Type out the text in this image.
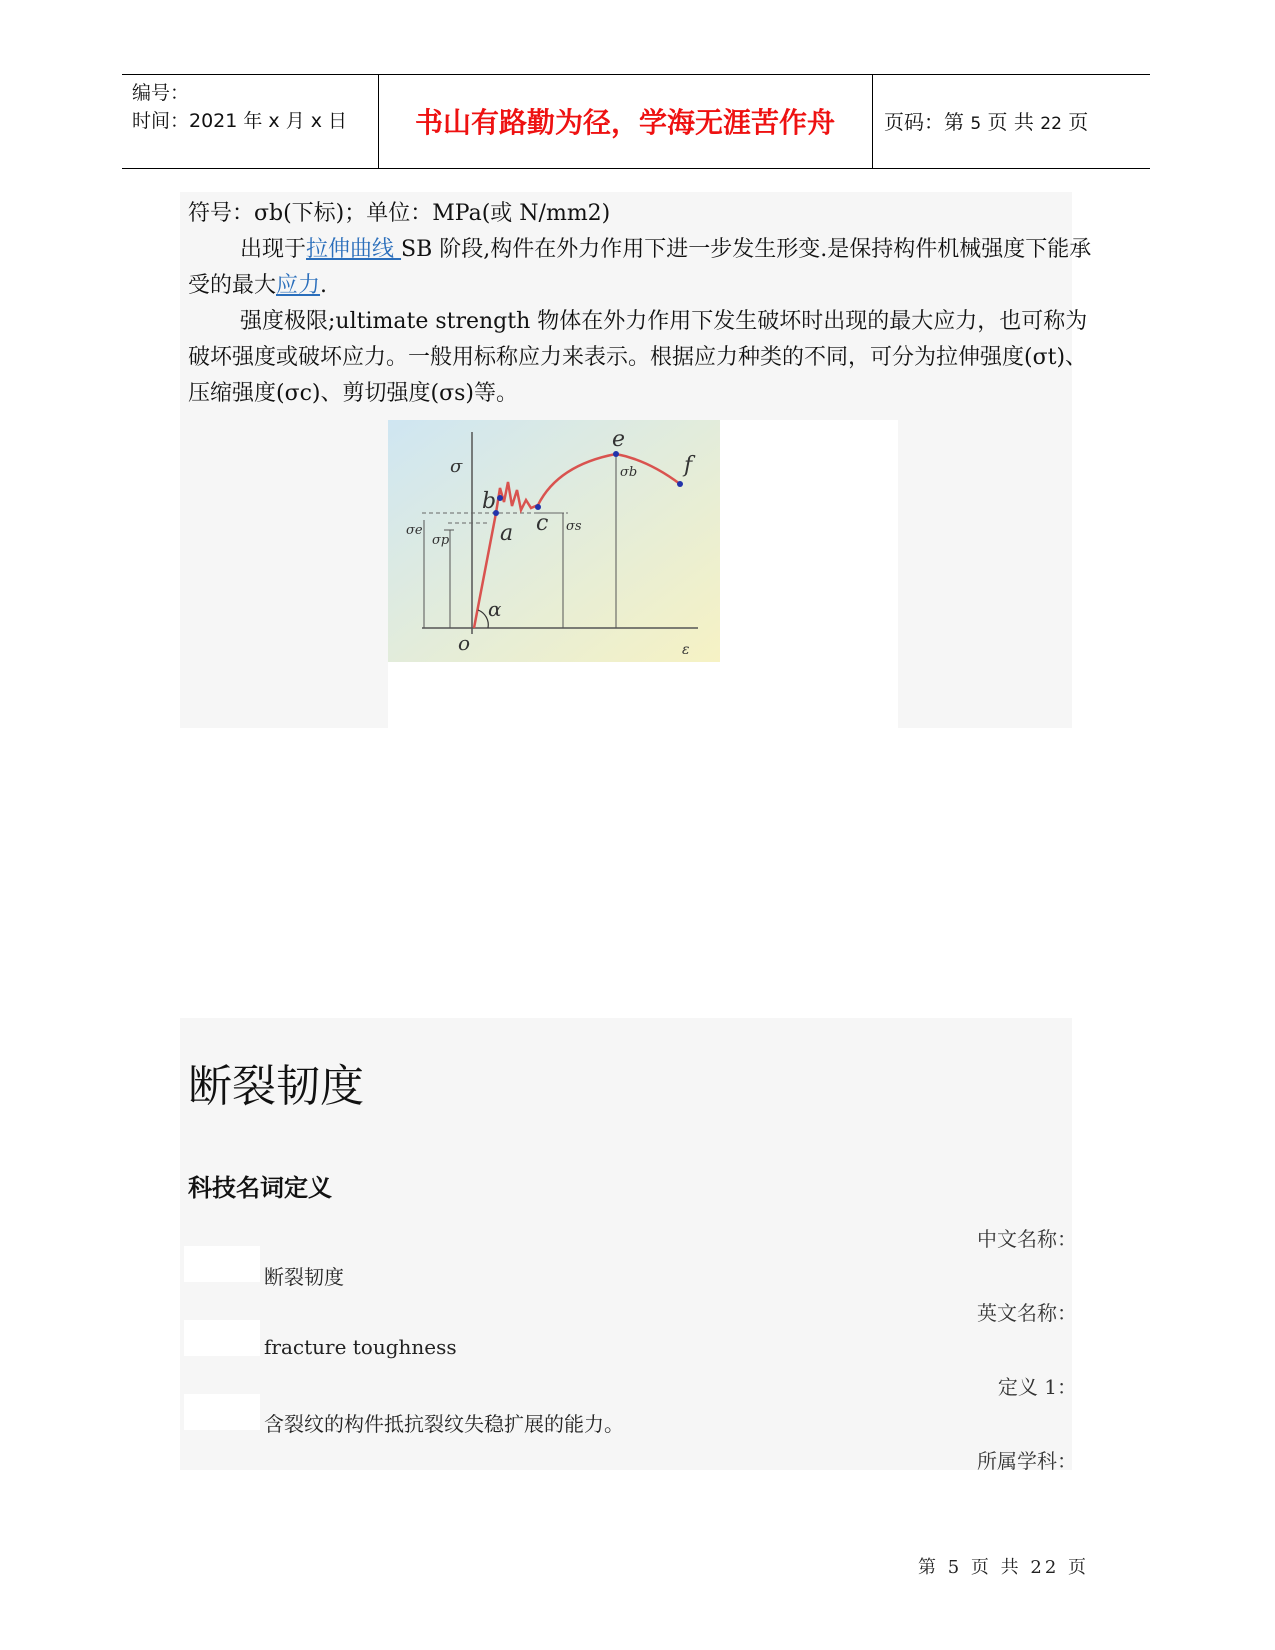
编号：
时间：2021 年 x 月 x 日	书山有路勤为径，学海无涯苦作舟	页码：第 5 页 共 22 页

符号：σb(下标)；单位：MPa(或 N/mm2)

出现于拉伸曲线 SB 阶段,构件在外力作用下进一步发生形变.是保持构件机械强度下能承受的最大应力.

强度极限;ultimate strength 物体在外力作用下发生破坏时出现的最大应力，也可称为破坏强度或破坏应力。一般用标称应力来表示。根据应力种类的不同，可分为拉伸强度(σt)、压缩强度(σc)、剪切强度(σs)等。

σ
ε
o
α
a
b
c
e
f
σe
σp
σs
σb
断裂韧度
科技名词定义
中文名称：
断裂韧度
英文名称：
fracture toughness
定义 1：
含裂纹的构件抵抗裂纹失稳扩展的能力。
所属学科：
第 5 页 共 22 页
